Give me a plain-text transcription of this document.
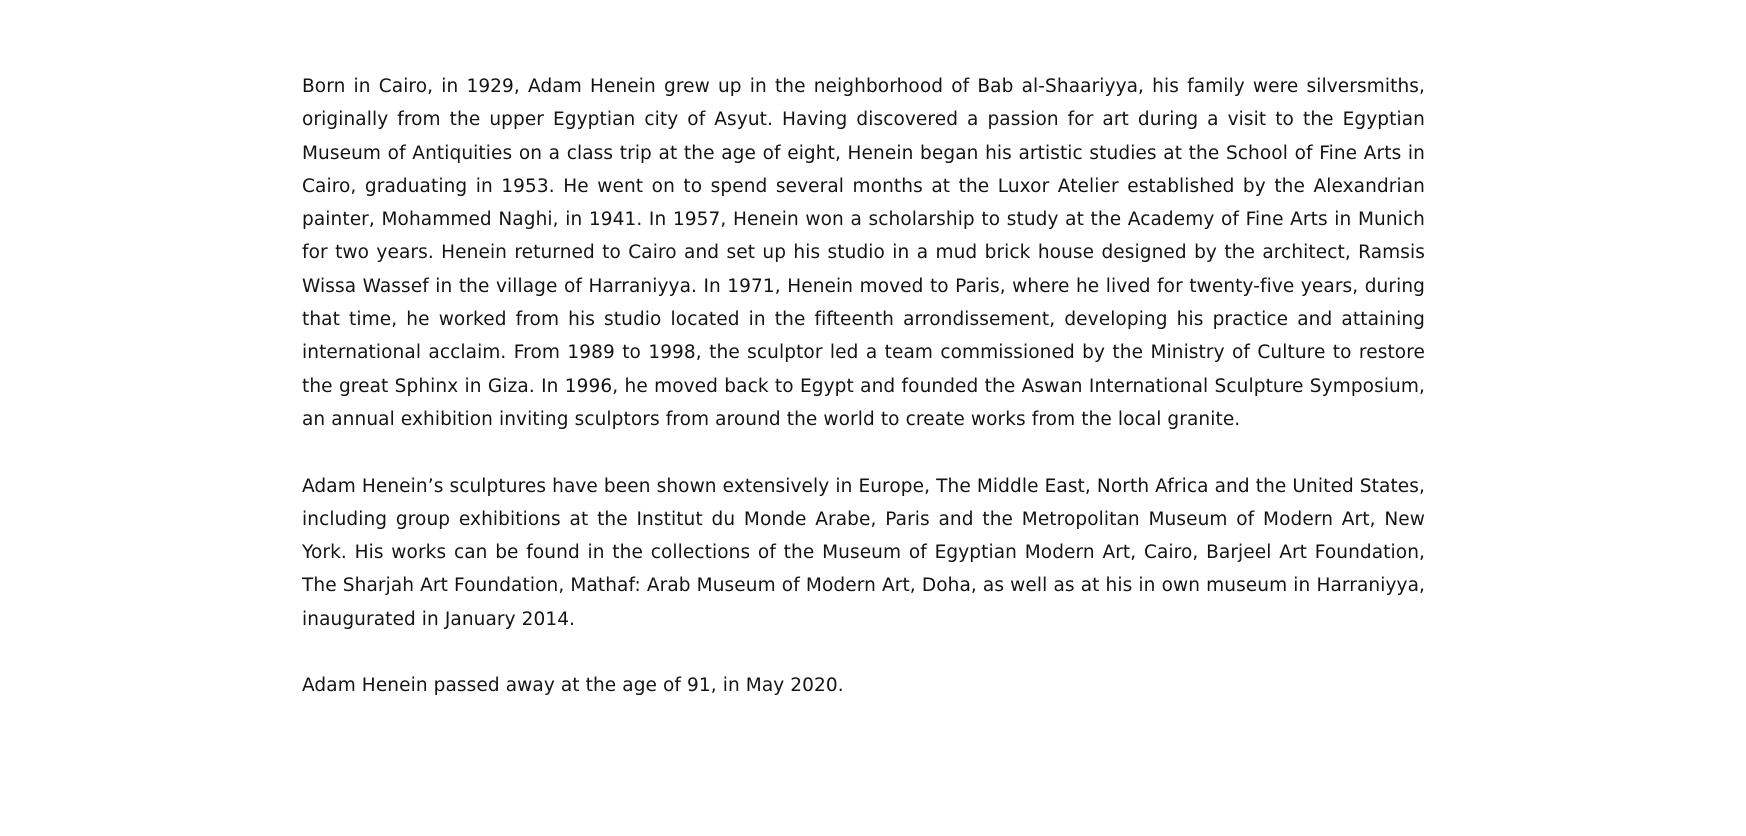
Born in Cairo, in 1929, Adam Henein grew up in the neighborhood of Bab al-Shaariyya, his family were silversmiths, originally from the upper Egyptian city of Asyut. Having discovered a passion for art during a visit to the Egyptian Museum of Antiquities on a class trip at the age of eight, Henein began his artistic studies at the School of Fine Arts in Cairo, graduating in 1953. He went on to spend several months at the Luxor Atelier established by the Alexandrian painter, Mohammed Naghi, in 1941. In 1957, Henein won a scholarship to study at the Academy of Fine Arts in Munich for two years. Henein returned to Cairo and set up his studio in a mud brick house designed by the architect, Ramsis Wissa Wassef in the village of Harraniyya. In 1971, Henein moved to Paris, where he lived for twenty-five years, during that time, he worked from his studio located in the fifteenth arrondissement, developing his practice and attaining international acclaim. From 1989 to 1998, the sculptor led a team commissioned by the Ministry of Culture to restore the great Sphinx in Giza. In 1996, he moved back to Egypt and founded the Aswan International Sculpture Symposium, an annual exhibition inviting sculptors from around the world to create works from the local granite.

Adam Henein’s sculptures have been shown extensively in Europe, The Middle East, North Africa and the United States, including group exhibitions at the Institut du Monde Arabe, Paris and the Metropolitan Museum of Modern Art, New York. His works can be found in the collections of the Museum of Egyptian Modern Art, Cairo, Barjeel Art Foundation, The Sharjah Art Foundation, Mathaf: Arab Museum of Modern Art, Doha, as well as at his in own museum in Harraniyya, inaugurated in January 2014.

Adam Henein passed away at the age of 91, in May 2020.
